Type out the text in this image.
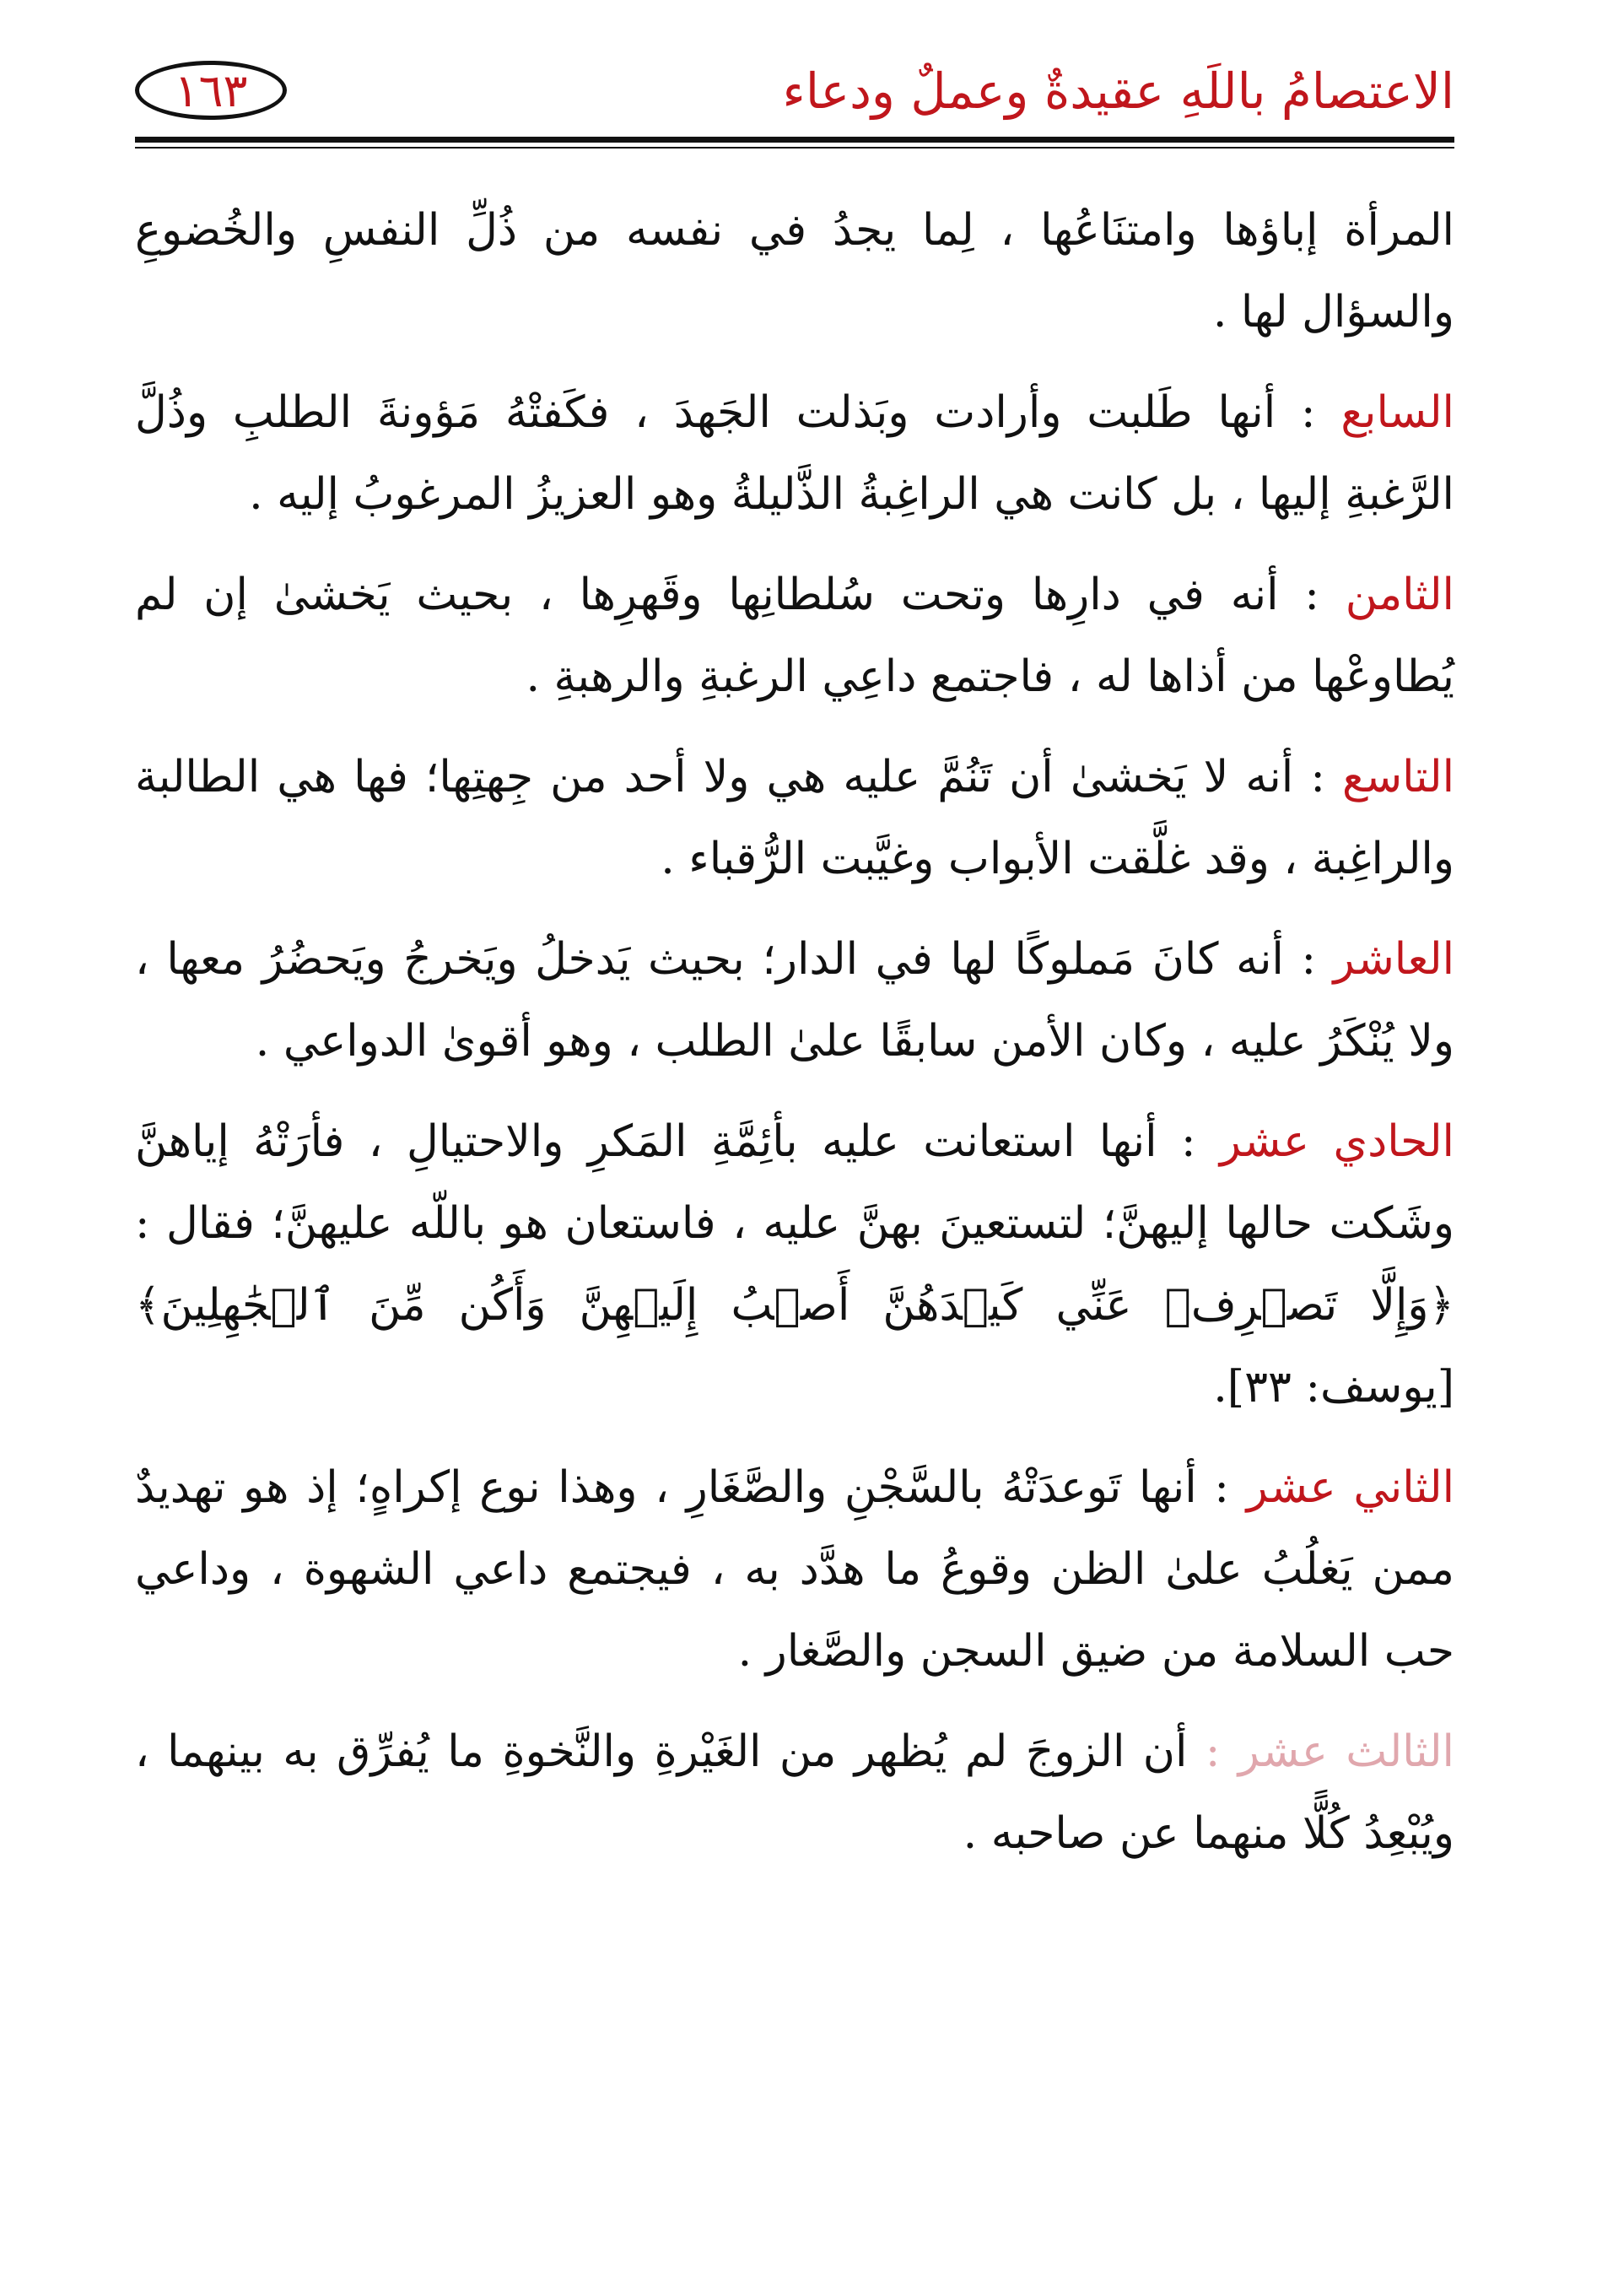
الاعتصامُ باللَهِ عقيدةٌ وعملٌ ودعاء
١٦٣

المرأة إباؤها وامتنَاعُها ، لِما يجدُ في نفسه من ذُلِّ النفسِ والخُضوعِ والسؤال لها .

السابع : أنها طَلبت وأرادت وبَذلت الجَهدَ ، فكَفتْهُ مَؤونةَ الطلبِ وذُلَّ الرَّغبةِ إليها ، بل كانت هي الراغِبةُ الذَّليلةُ وهو العزيزُ المرغوبُ إليه .

الثامن : أنه في دارِها وتحت سُلطانِها وقَهرِها ، بحيث يَخشىٰ إن لم يُطاوعْها من أذاها له ، فاجتمع داعِي الرغبةِ والرهبةِ .

التاسع : أنه لا يَخشىٰ أن تَنُمَّ عليه هي ولا أحد من جِهتِها؛ فها هي الطالبة والراغِبة ، وقد غلَّقت الأبواب وغيَّبت الرُّقباء .

العاشر : أنه كانَ مَملوكًا لها في الدار؛ بحيث يَدخلُ ويَخرجُ ويَحضُرُ معها ، ولا يُنْكَرُ عليه ، وكان الأمن سابقًا علىٰ الطلب ، وهو أقوىٰ الدواعي .

الحادي عشر : أنها استعانت عليه بأئِمَّةِ المَكرِ والاحتيالِ ، فأرَتْهُ إياهنَّ وشَكت حالها إليهنَّ؛ لتستعينَ بهنَّ عليه ، فاستعان هو باللّه عليهنَّ؛ فقال : ﴿وَإِلَّا تَصۡرِفۡ عَنِّي كَيۡدَهُنَّ أَصۡبُ إِلَيۡهِنَّ وَأَكُن مِّنَ ٱلۡجَٰهِلِينَ﴾ [يوسف: ٣٣].

الثاني عشر : أنها تَوعدَتْهُ بالسَّجْنِ والصَّغَارِ ، وهذا نوع إكراهٍ؛ إذ هو تهديدٌ ممن يَغلُبُ علىٰ الظن وقوعُ ما هدَّد به ، فيجتمع داعي الشهوة ، وداعي حب السلامة من ضيق السجن والصَّغار .

الثالث عشر : أن الزوجَ لم يُظهر من الغَيْرةِ والنَّخوةِ ما يُفرِّق به بينهما ، ويُبْعِدُ كُلًّا منهما عن صاحبه .
